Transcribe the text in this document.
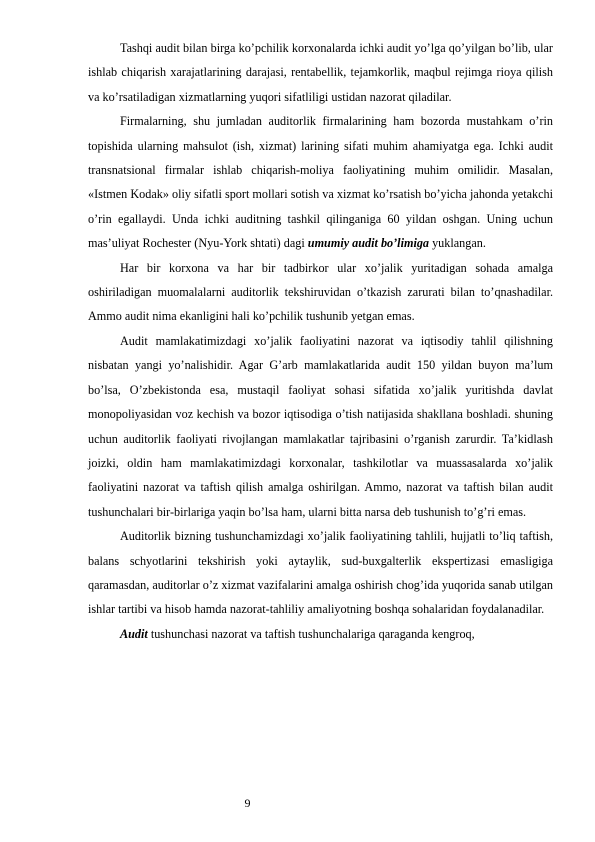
Tashqi audit bilan birga ko’pchilik korxonalarda ichki audit yo’lga qo’yilgan bo’lib, ular ishlab chiqarish xarajatlarining darajasi, rentabellik, tejamkorlik, maqbul rejimga rioya qilish va ko’rsatiladigan xizmatlarning yuqori sifatliligi ustidan nazorat qiladilar.

Firmalarning, shu jumladan auditorlik firmalarining ham bozorda mustahkam o’rin topishida ularning mahsulot (ish, xizmat) larining sifati muhim ahamiyatga ega. Ichki audit transnatsional firmalar ishlab chiqarish-moliya faoliyatining muhim omilidir. Masalan, «Istmen Kodak» oliy sifatli sport mollari sotish va xizmat ko’rsatish bo’yicha jahonda yetakchi o’rin egallaydi. Unda ichki auditning tashkil qilinganiga 60 yildan oshgan. Uning uchun mas’uliyat Rochester (Nyu-York shtati) dagi umumiy audit bo’limiga yuklangan.

Har bir korxona va har bir tadbirkor ular xo’jalik yuritadigan sohada amalga oshiriladigan muomalalarni auditorlik tekshiruvidan o’tkazish zarurati bilan to’qnashadilar. Ammo audit nima ekanligini hali ko’pchilik tushunib yetgan emas.

Audit mamlakatimizdagi xo’jalik faoliyatini nazorat va iqtisodiy tahlil qilishning nisbatan yangi yo’nalishidir. Agar G’arb mamlakatlarida audit 150 yildan buyon ma’lum bo’lsa, O’zbekistonda esa, mustaqil faoliyat sohasi sifatida xo’jalik yuritishda davlat monopoliyasidan voz kechish va bozor iqtisodiga o’tish natijasida shakllana boshladi. shuning uchun auditorlik faoliyati rivojlangan mamlakatlar tajribasini o’rganish zarurdir. Ta’kidlash joizki, oldin ham mamlakatimizdagi korxonalar, tashkilotlar va muassasalarda xo’jalik faoliyatini nazorat va taftish qilish amalga oshirilgan. Ammo, nazorat va taftish bilan audit tushunchalari bir-birlariga yaqin bo’lsa ham, ularni bitta narsa deb tushunish to’g’ri emas.

Auditorlik bizning tushunchamizdagi xo’jalik faoliyatining tahlili, hujjatli to’liq taftish, balans schyotlarini tekshirish yoki aytaylik, sud-buxgalterlik ekspertizasi emasligiga qaramasdan, auditorlar o’z xizmat vazifalarini amalga oshirish chog’ida yuqorida sanab utilgan ishlar tartibi va hisob hamda nazorat-tahliliy amaliyotning boshqa sohalaridan foydalanadilar.

Audit tushunchasi nazorat va taftish tushunchalariga qaraganda kengroq,

9
